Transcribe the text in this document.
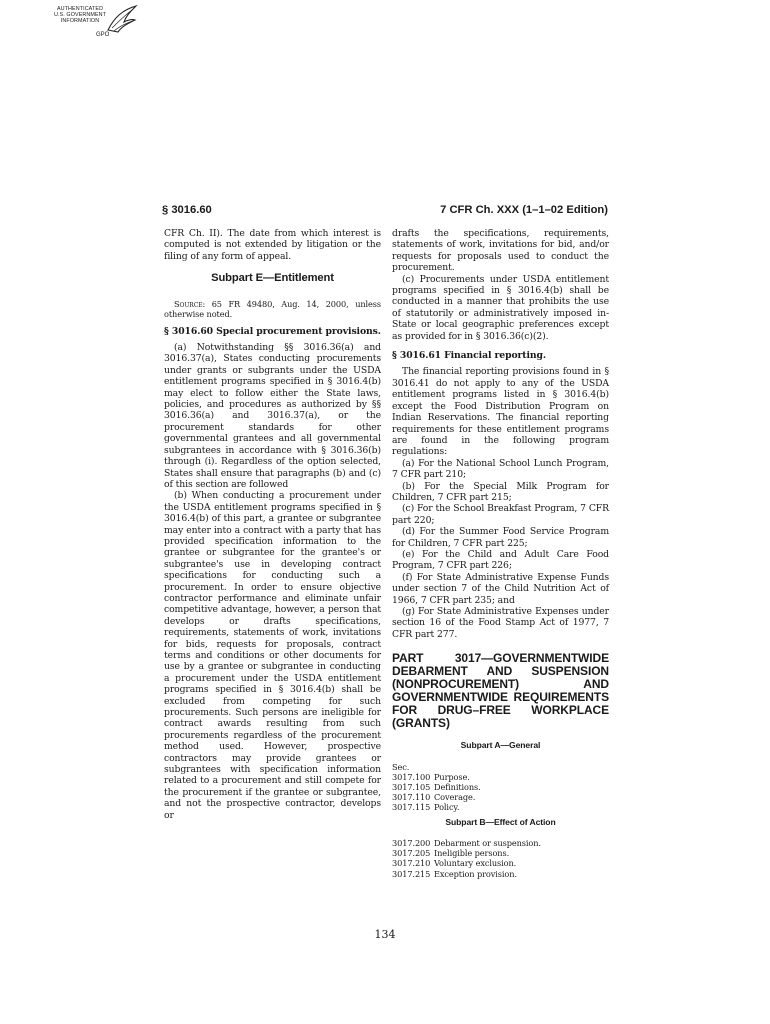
AUTHENTICATED
U.S. GOVERNMENT
INFORMATION
GPO
§ 3016.60	7 CFR Ch. XXX (1–1–02 Edition)

CFR Ch. II). The date from which interest is computed is not extended by litigation or the filing of any form of appeal.

Subpart E—Entitlement

Source: 65 FR 49480, Aug. 14, 2000, unless otherwise noted.

§ 3016.60 Special procurement provisions.

(a) Notwithstanding §§ 3016.36(a) and 3016.37(a), States conducting procurements under grants or subgrants under the USDA entitlement programs specified in § 3016.4(b) may elect to follow either the State laws, policies, and procedures as authorized by §§ 3016.36(a) and 3016.37(a), or the procurement standards for other governmental grantees and all governmental subgrantees in accordance with § 3016.36(b) through (i). Regardless of the option selected, States shall ensure that paragraphs (b) and (c) of this section are followed

(b) When conducting a procurement under the USDA entitlement programs specified in § 3016.4(b) of this part, a grantee or subgrantee may enter into a contract with a party that has provided specification information to the grantee or subgrantee for the grantee's or subgrantee's use in developing contract specifications for conducting such a procurement. In order to ensure objective contractor performance and eliminate unfair competitive advantage, however, a person that develops or drafts specifications, requirements, statements of work, invitations for bids, requests for proposals, contract terms and conditions or other documents for use by a grantee or subgrantee in conducting a procurement under the USDA entitlement programs specified in § 3016.4(b) shall be excluded from competing for such procurements. Such persons are ineligible for contract awards resulting from such procurements regardless of the procurement method used. However, prospective contractors may provide grantees or subgrantees with specification information related to a procurement and still compete for the procurement if the grantee or subgrantee, and not the prospective contractor, develops or

drafts the specifications, requirements, statements of work, invitations for bid, and/or requests for proposals used to conduct the procurement.

(c) Procurements under USDA entitlement programs specified in § 3016.4(b) shall be conducted in a manner that prohibits the use of statutorily or administratively imposed in-State or local geographic preferences except as provided for in § 3016.36(c)(2).

§ 3016.61 Financial reporting.

The financial reporting provisions found in § 3016.41 do not apply to any of the USDA entitlement programs listed in § 3016.4(b) except the Food Distribution Program on Indian Reservations. The financial reporting requirements for these entitlement programs are found in the following program regulations:

(a) For the National School Lunch Program, 7 CFR part 210;

(b) For the Special Milk Program for Children, 7 CFR part 215;

(c) For the School Breakfast Program, 7 CFR part 220;

(d) For the Summer Food Service Program for Children, 7 CFR part 225;

(e) For the Child and Adult Care Food Program, 7 CFR part 226;

(f) For State Administrative Expense Funds under section 7 of the Child Nutrition Act of 1966, 7 CFR part 235; and

(g) For State Administrative Expenses under section 16 of the Food Stamp Act of 1977, 7 CFR part 277.

PART 3017—GOVERNMENTWIDE DEBARMENT AND SUSPENSION (NONPROCUREMENT) AND GOVERNMENTWIDE REQUIREMENTS FOR DRUG–FREE WORKPLACE (GRANTS)

Subpart A—General
Sec.
3017.100 Purpose.
3017.105 Definitions.
3017.110 Coverage.
3017.115 Policy.
Subpart B—Effect of Action
3017.200 Debarment or suspension.
3017.205 Ineligible persons.
3017.210 Voluntary exclusion.
3017.215 Exception provision.
134
